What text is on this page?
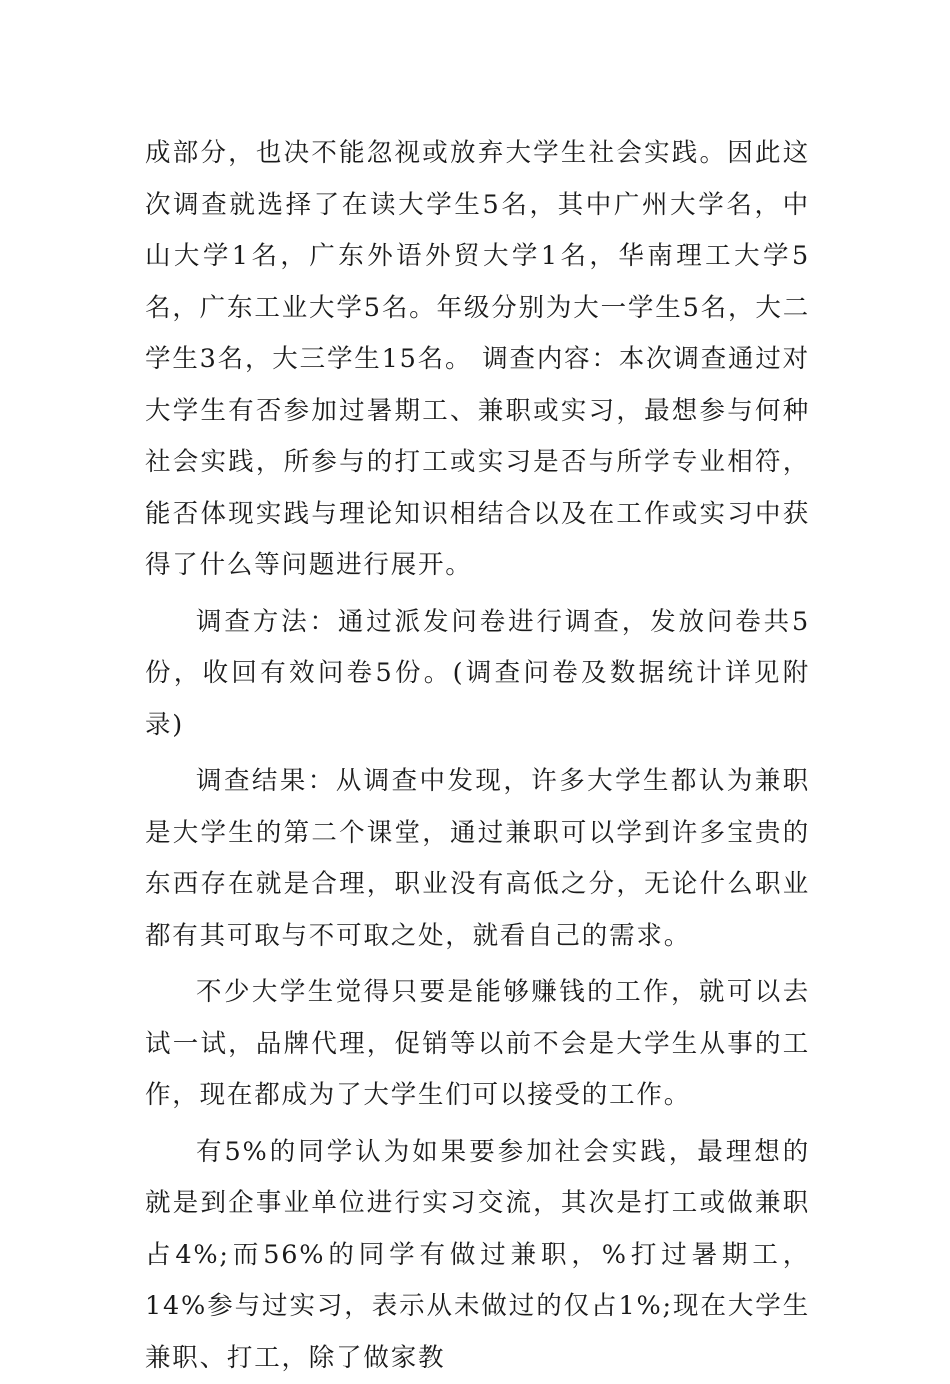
成部分，也决不能忽视或放弃大学生社会实践。因此这次调查就选择了在读大学生5名，其中广州大学名，中山大学1名，广东外语外贸大学1名，华南理工大学5名，广东工业大学5名。年级分别为大一学生5名，大二学生3名，大三学生15名。 调查内容：本次调查通过对大学生有否参加过暑期工、兼职或实习，最想参与何种社会实践，所参与的打工或实习是否与所学专业相符，能否体现实践与理论知识相结合以及在工作或实习中获得了什么等问题进行展开。

调查方法：通过派发问卷进行调查，发放问卷共5份，收回有效问卷5份。(调查问卷及数据统计详见附录)

调查结果：从调查中发现，许多大学生都认为兼职是大学生的第二个课堂，通过兼职可以学到许多宝贵的东西存在就是合理，职业没有高低之分，无论什么职业都有其可取与不可取之处，就看自己的需求。

不少大学生觉得只要是能够赚钱的工作，就可以去试一试，品牌代理，促销等以前不会是大学生从事的工作，现在都成为了大学生们可以接受的工作。

有5%的同学认为如果要参加社会实践，最理想的就是到企事业单位进行实习交流，其次是打工或做兼职占4%;而56%的同学有做过兼职，%打过暑期工，14%参与过实习，表示从未做过的仅占1%;现在大学生兼职、打工，除了做家教
